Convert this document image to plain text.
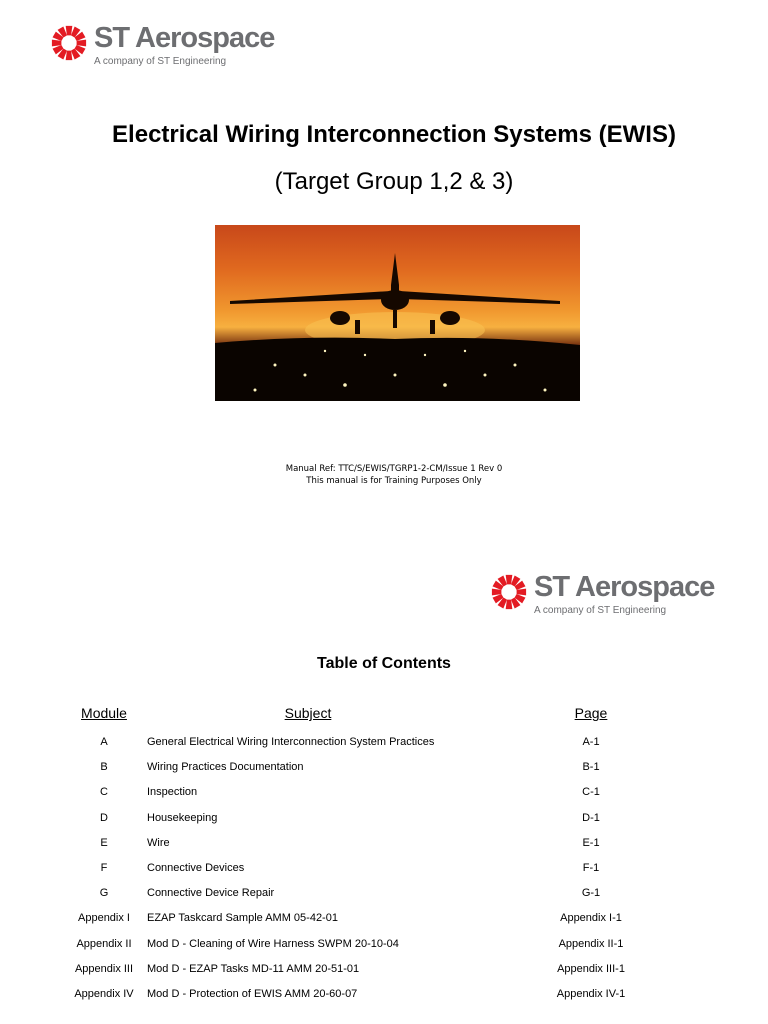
ST Aerospace
A company of ST Engineering
Electrical Wiring Interconnection Systems (EWIS)
(Target Group 1,2 & 3)
Manual Ref: TTC/S/EWIS/TGRP1-2-CM/Issue 1 Rev 0
This manual is for Training Purposes Only
ST Aerospace
A company of ST Engineering
Table of Contents
Module	Subject	Page
A	General Electrical Wiring Interconnection System Practices	A-1
B	Wiring Practices Documentation	B-1
C	Inspection	C-1
D	Housekeeping	D-1
E	Wire	E-1
F	Connective Devices	F-1
G	Connective Device Repair	G-1
Appendix I	EZAP Taskcard Sample AMM 05-42-01	Appendix I-1
Appendix II	Mod D - Cleaning of Wire Harness SWPM 20-10-04	Appendix II-1
Appendix III	Mod D - EZAP Tasks MD-11 AMM 20-51-01	Appendix III-1
Appendix IV	Mod D - Protection of EWIS AMM 20-60-07	Appendix IV-1
